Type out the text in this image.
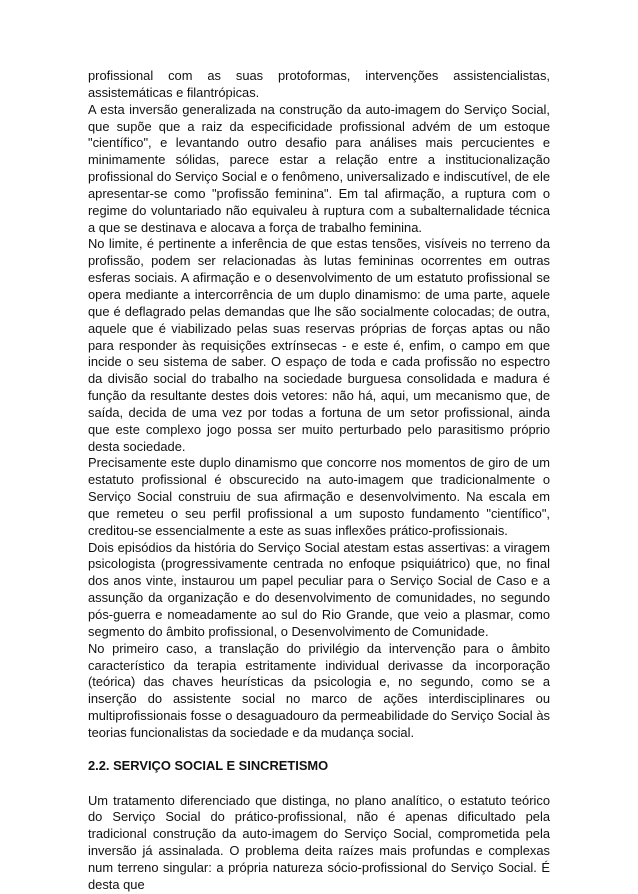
profissional com as suas protoformas, intervenções assistencialistas, assistemáticas e filantrópicas.

A esta inversão generalizada na construção da auto-imagem do Serviço Social, que supõe que a raiz da especificidade profissional advém de um estoque "científico", e levantando outro desafio para análises mais percucientes e minimamente sólidas, parece estar a relação entre a institucionalização profissional do Serviço Social e o fenômeno, universalizado e indiscutível, de ele apresentar-se como "profissão feminina". Em tal afirmação, a ruptura com o regime do voluntariado não equivaleu à ruptura com a subalternalidade técnica a que se destinava e alocava a força de trabalho feminina.

No limite, é pertinente a inferência de que estas tensões, visíveis no terreno da profissão, podem ser relacionadas às lutas femininas ocorrentes em outras esferas sociais. A afirmação e o desenvolvimento de um estatuto profissional se opera mediante a intercorrência de um duplo dinamismo: de uma parte, aquele que é deflagrado pelas demandas que lhe são socialmente colocadas; de outra, aquele que é viabilizado pelas suas reservas próprias de forças aptas ou não para responder às requisições extrínsecas - e este é, enfim, o campo em que incide o seu sistema de saber. O espaço de toda e cada profissão no espectro da divisão social do trabalho na sociedade burguesa consolidada e madura é função da resultante destes dois vetores: não há, aqui, um mecanismo que, de saída, decida de uma vez por todas a fortuna de um setor profissional, ainda que este complexo jogo possa ser muito perturbado pelo parasitismo próprio desta sociedade.

Precisamente este duplo dinamismo que concorre nos momentos de giro de um estatuto profissional é obscurecido na auto-imagem que tradicionalmente o Serviço Social construiu de sua afirmação e desenvolvimento. Na escala em que remeteu o seu perfil profissional a um suposto fundamento "científico", creditou-se essencialmente a este as suas inflexões prático-profissionais.

Dois episódios da história do Serviço Social atestam estas assertivas: a viragem psicologista (progressivamente centrada no enfoque psiquiátrico) que, no final dos anos vinte, instaurou um papel peculiar para o Serviço Social de Caso e a assunção da organização e do desenvolvimento de comunidades, no segundo pós-guerra e nomeadamente ao sul do Rio Grande, que veio a plasmar, como segmento do âmbito profissional, o Desenvolvimento de Comunidade.

No primeiro caso, a translação do privilégio da intervenção para o âmbito característico da terapia estritamente individual derivasse da incorporação (teórica) das chaves heurísticas da psicologia e, no segundo, como se a inserção do assistente social no marco de ações interdisciplinares ou multiprofissionais fosse o desaguadouro da permeabilidade do Serviço Social às teorias funcionalistas da sociedade e da mudança social.

2.2. SERVIÇO SOCIAL E SINCRETISMO

Um tratamento diferenciado que distinga, no plano analítico, o estatuto teórico do Serviço Social do prático-profissional, não é apenas dificultado pela tradicional construção da auto-imagem do Serviço Social, comprometida pela inversão já assinalada. O problema deita raízes mais profundas e complexas num terreno singular: a própria natureza sócio-profissional do Serviço Social. É desta que
